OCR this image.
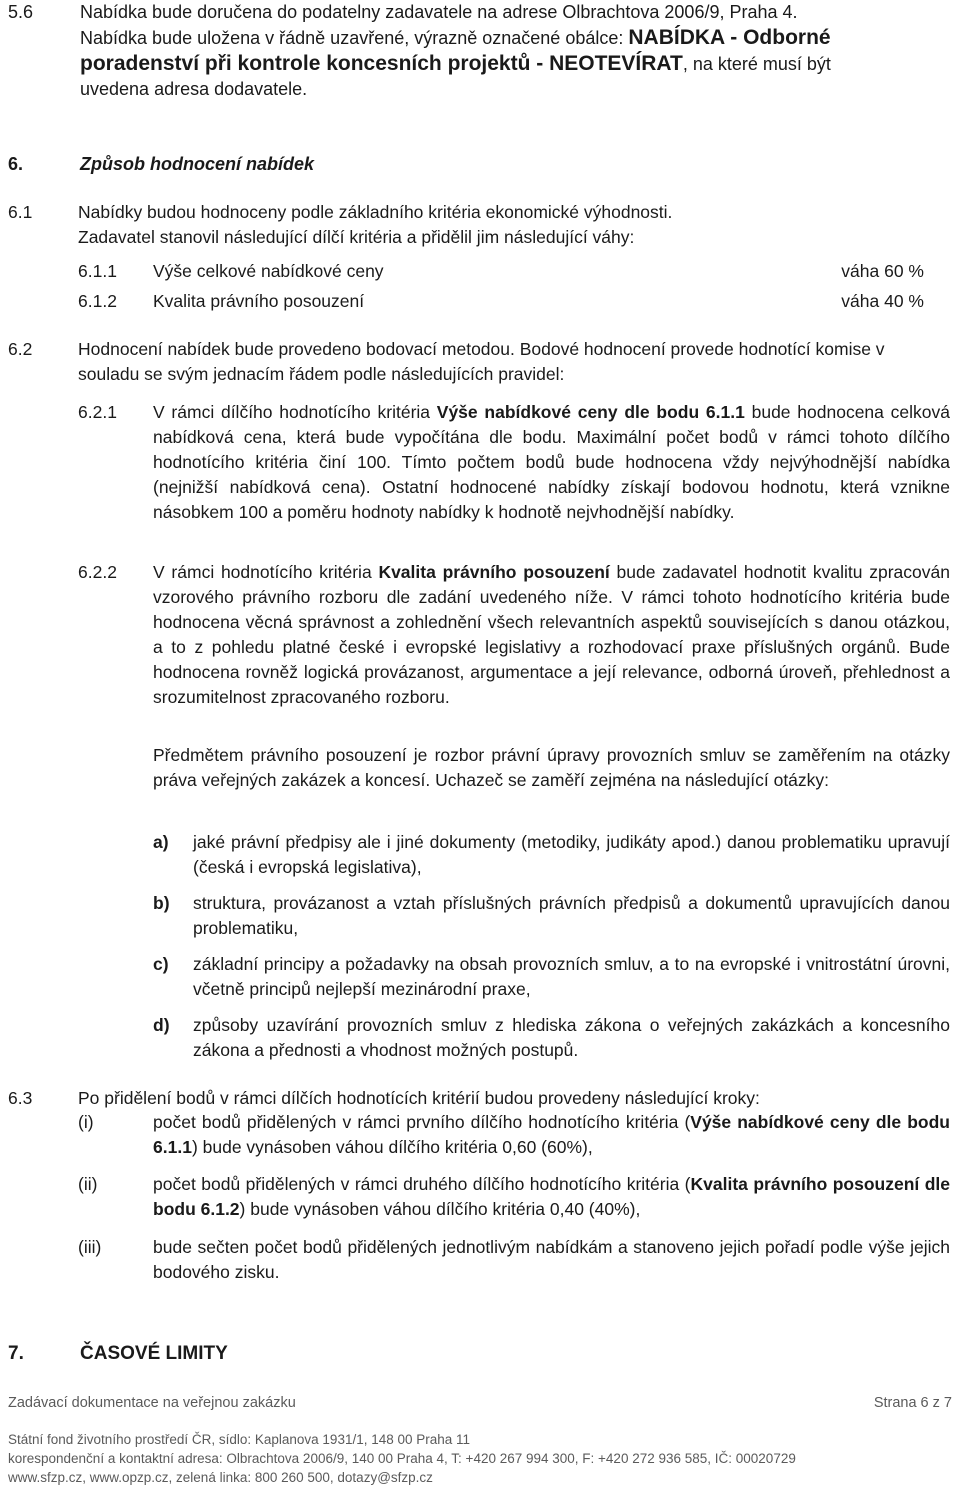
5.6	Nabídka bude doručena do podatelny zadavatele na adrese Olbrachtova 2006/9, Praha 4.
Nabídka bude uložena v řádně uzavřené, výrazně označené obálce: NABÍDKA - Odborné
poradenství při kontrole koncesních projektů - NEOTEVÍRAT, na které musí být
uvedena adresa dodavatele.
6.	Způsob hodnocení nabídek
6.1	Nabídky budou hodnoceny podle základního kritéria ekonomické výhodnosti.
Zadavatel stanovil následující dílčí kritéria a přidělil jim následující váhy:
6.1.1 Výše celkové nabídkové ceny	váha 60 %
6.1.2 Kvalita právního posouzení	váha 40 %
6.2	Hodnocení nabídek bude provedeno bodovací metodou. Bodové hodnocení provede hodnotící komise v souladu se svým jednacím řádem podle následujících pravidel:
6.2.1 V rámci dílčího hodnotícího kritéria Výše nabídkové ceny dle bodu 6.1.1 bude hodnocena celková nabídková cena, která bude vypočítána dle bodu. Maximální počet bodů v rámci tohoto dílčího hodnotícího kritéria činí 100. Tímto počtem bodů bude hodnocena vždy nejvýhodnější nabídka (nejnižší nabídková cena). Ostatní hodnocené nabídky získají bodovou hodnotu, která vznikne násobkem 100 a poměru hodnoty nabídky k hodnotě nejvhodnější nabídky.
6.2.2 V rámci hodnotícího kritéria Kvalita právního posouzení bude zadavatel hodnotit kvalitu zpracován vzorového právního rozboru dle zadání uvedeného níže. V rámci tohoto hodnotícího kritéria bude hodnocena věcná správnost a zohlednění všech relevantních aspektů souvisejících s danou otázkou, a to z pohledu platné české i evropské legislativy a rozhodovací praxe příslušných orgánů. Bude hodnocena rovněž logická provázanost, argumentace a její relevance, odborná úroveň, přehlednost a srozumitelnost zpracovaného rozboru.
Předmětem právního posouzení je rozbor právní úpravy provozních smluv se zaměřením na otázky práva veřejných zakázek a koncesí. Uchazeč se zaměří zejména na následující otázky:
a) jaké právní předpisy ale i jiné dokumenty (metodiky, judikáty apod.) danou problematiku upravují (česká i evropská legislativa),
b) struktura, provázanost a vztah příslušných právních předpisů a dokumentů upravujících danou problematiku,
c) základní principy a požadavky na obsah provozních smluv, a to na evropské i vnitrostátní úrovni, včetně principů nejlepší mezinárodní praxe,
d) způsoby uzavírání provozních smluv z hlediska zákona o veřejných zakázkách a koncesního zákona a přednosti a vhodnost možných postupů.
6.3	Po přidělení bodů v rámci dílčích hodnotících kritérií budou provedeny následující kroky:
(i)	počet bodů přidělených v rámci prvního dílčího hodnotícího kritéria (Výše nabídkové ceny dle bodu 6.1.1) bude vynásoben váhou dílčího kritéria 0,60 (60%),
(ii)	počet bodů přidělených v rámci druhého dílčího hodnotícího kritéria (Kvalita právního posouzení dle bodu 6.1.2) bude vynásoben váhou dílčího kritéria 0,40 (40%),
(iii)	bude sečten počet bodů přidělených jednotlivým nabídkám a stanoveno jejich pořadí podle výše jejich bodového zisku.
7.	ČASOVÉ LIMITY
Zadávací dokumentace na veřejnou zakázku	Strana 6 z 7
Státní fond životního prostředí ČR, sídlo: Kaplanova 1931/1, 148 00 Praha 11
korespondenční a kontaktní adresa: Olbrachtova 2006/9, 140 00 Praha 4, T: +420 267 994 300, F: +420 272 936 585, IČ: 00020729
www.sfzp.cz, www.opzp.cz, zelená linka: 800 260 500, dotazy@sfzp.cz
